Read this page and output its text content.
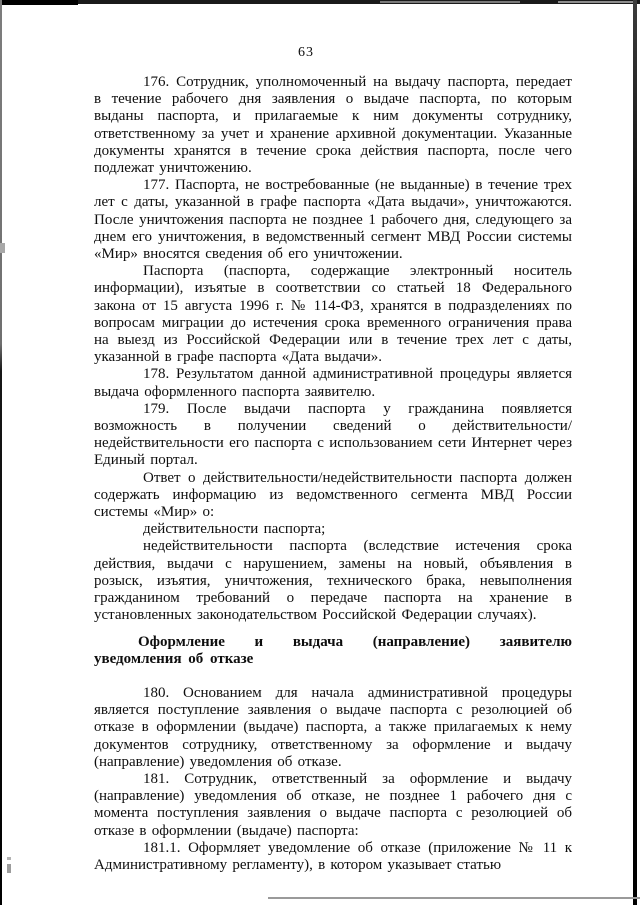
63

176. Сотрудник, уполномоченный на выдачу паспорта, передает в течение рабочего дня заявления о выдаче паспорта, по которым выданы паспорта, и прилагаемые к ним документы сотруднику, ответственному за учет и хранение архивной документации. Указанные документы хранятся в течение срока действия паспорта, после чего подлежат уничтожению.

177. Паспорта, не востребованные (не выданные) в течение трех лет с даты, указанной в графе паспорта «Дата выдачи», уничтожаются. После уничтожения паспорта не позднее 1 рабочего дня, следующего за днем его уничтожения, в ведомственный сегмент МВД России системы «Мир» вносятся сведения об его уничтожении.

Паспорта (паспорта, содержащие электронный носитель информации), изъятые в соответствии со статьей 18 Федерального закона от 15 августа 1996 г. № 114-ФЗ, хранятся в подразделениях по вопросам миграции до истечения срока временного ограничения права на выезд из Российской Федерации или в течение трех лет с даты, указанной в графе паспорта «Дата выдачи».

178. Результатом данной административной процедуры является выдача оформленного паспорта заявителю.

179. После выдачи паспорта у гражданина появляется возможность в получении сведений о действительности/недействительности его паспорта с использованием сети Интернет через Единый портал.

Ответ о действительности/недействительности паспорта должен содержать информацию из ведомственного сегмента МВД России системы «Мир» о:

действительности паспорта;

недействительности паспорта (вследствие истечения срока действия, выдачи с нарушением, замены на новый, объявления в розыск, изъятия, уничтожения, технического брака, невыполнения гражданином требований о передаче паспорта на хранение в установленных законодательством Российской Федерации случаях).

Оформление и выдача (направление) заявителю уведомления об отказе

180. Основанием для начала административной процедуры является поступление заявления о выдаче паспорта с резолюцией об отказе в оформлении (выдаче) паспорта, а также прилагаемых к нему документов сотруднику, ответственному за оформление и выдачу (направление) уведомления об отказе.

181. Сотрудник, ответственный за оформление и выдачу (направление) уведомления об отказе, не позднее 1 рабочего дня с момента поступления заявления о выдаче паспорта с резолюцией об отказе в оформлении (выдаче) паспорта:

181.1. Оформляет уведомление об отказе (приложение № 11 к Административному регламенту), в котором указывает статью
